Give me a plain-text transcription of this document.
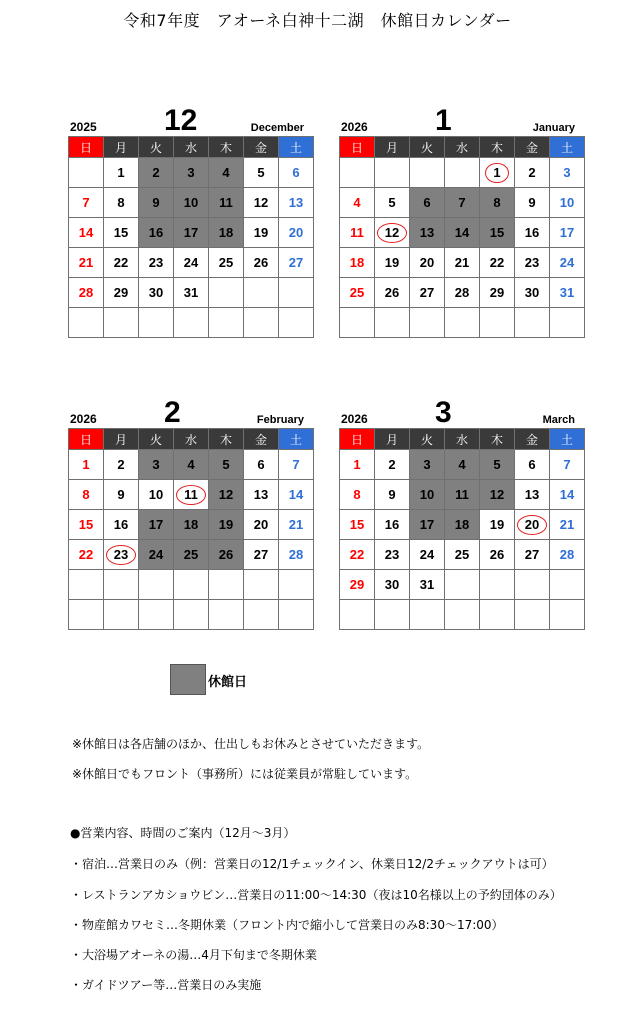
令和7年度　アオーネ白神十二湖　休館日カレンダー
2025 12	December
日	月	火	水	木	金	土
	1	2	3	4	5	6
7	8	9	10	11	12	13
14	15	16	17	18	19	20
21	22	23	24	25	26	27
28	29	30	31			

2026 1	January
日	月	火	水	木	金	土
				1	2	3
4	5	6	7	8	9	10
11	12	13	14	15	16	17
18	19	20	21	22	23	24
25	26	27	28	29	30	31

2026 2	February
日	月	火	水	木	金	土
1	2	3	4	5	6	7
8	9	10	11	12	13	14
15	16	17	18	19	20	21
22	23	24	25	26	27	28

2026 3	March
日	月	火	水	木	金	土
1	2	3	4	5	6	7
8	9	10	11	12	13	14
15	16	17	18	19	20	21
22	23	24	25	26	27	28
29	30	31				

休館日
※休館日は各店舗のほか、仕出しもお休みとさせていただきます。
※休館日でもフロント（事務所）には従業員が常駐しています。
●営業内容、時間のご案内（12月～3月）
・宿泊…営業日のみ（例：営業日の12/1チェックイン、休業日12/2チェックアウトは可）
・レストランアカショウビン…営業日の11:00～14:30（夜は10名様以上の予約団体のみ）
・物産館カワセミ…冬期休業（フロント内で縮小して営業日のみ8:30～17:00）
・大浴場アオーネの湯…4月下旬まで冬期休業
・ガイドツアー等…営業日のみ実施
